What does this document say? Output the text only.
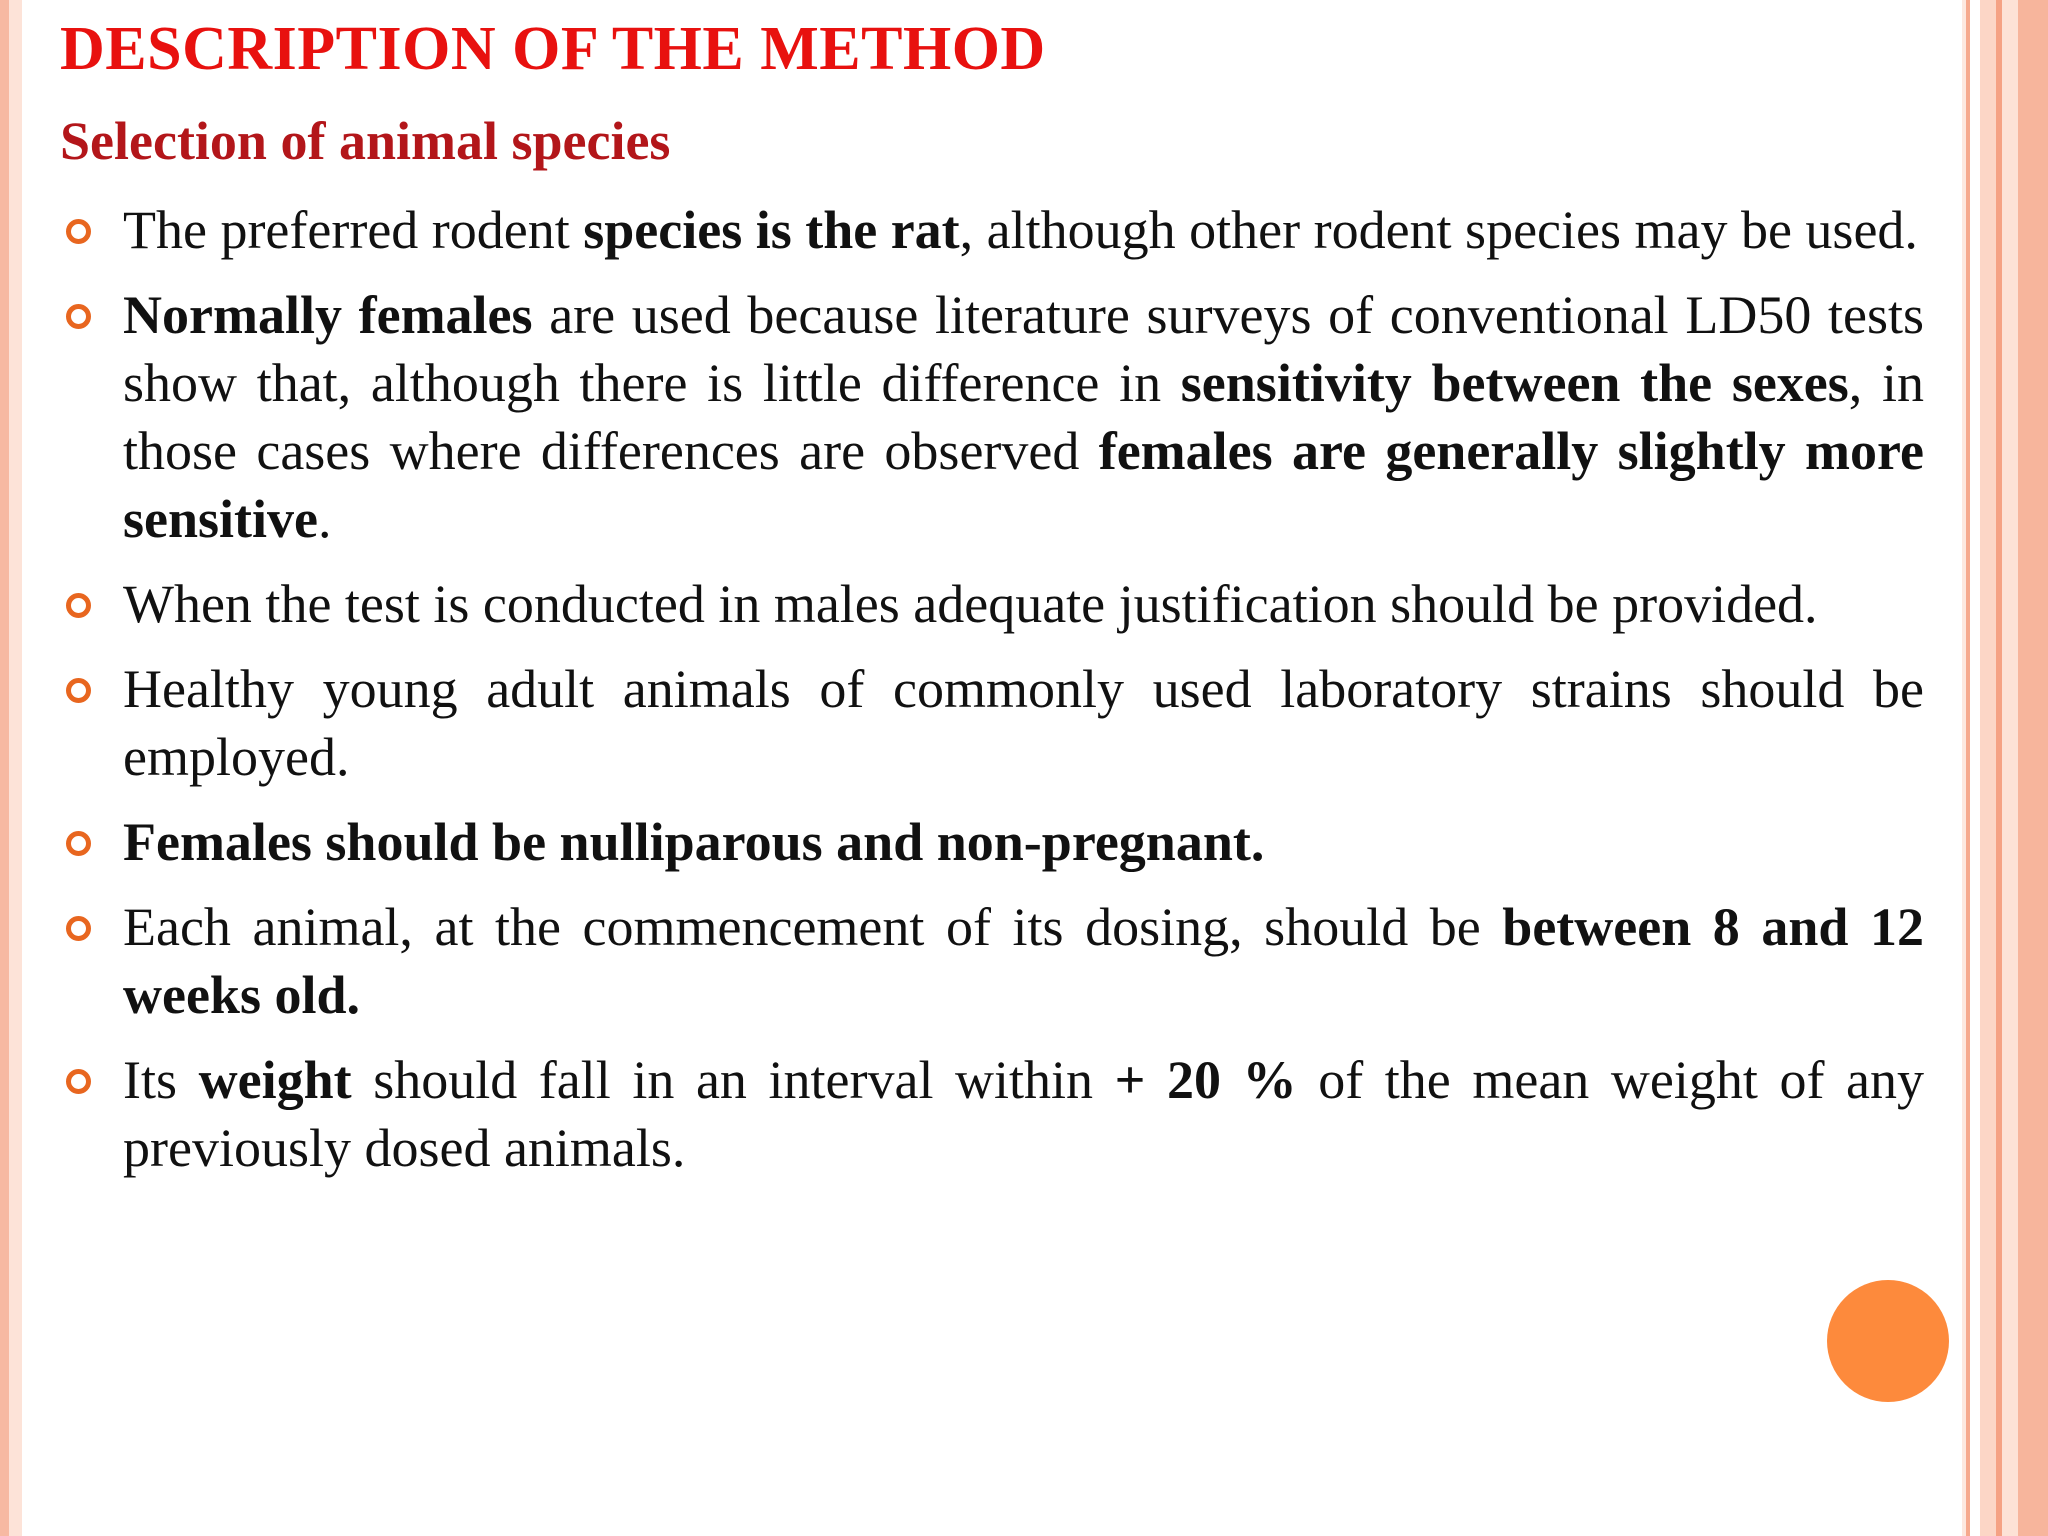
DESCRIPTION OF THE METHOD
Selection of animal species
The preferred rodent species is the rat, although other rodent species may be used.
Normally females are used because literature surveys of conventional LD50 tests show that, although there is little difference in sensitivity between the sexes, in those cases where differences are observed females are generally slightly more sensitive.
When the test is conducted in males adequate justification should be provided.
Healthy young adult animals of commonly used laboratory strains should be employed.
Females should be nulliparous and non-pregnant.
Each animal, at the commencement of its dosing, should be between 8 and 12 weeks old.
Its weight should fall in an interval within + 20 % of the mean weight of any previously dosed animals.
